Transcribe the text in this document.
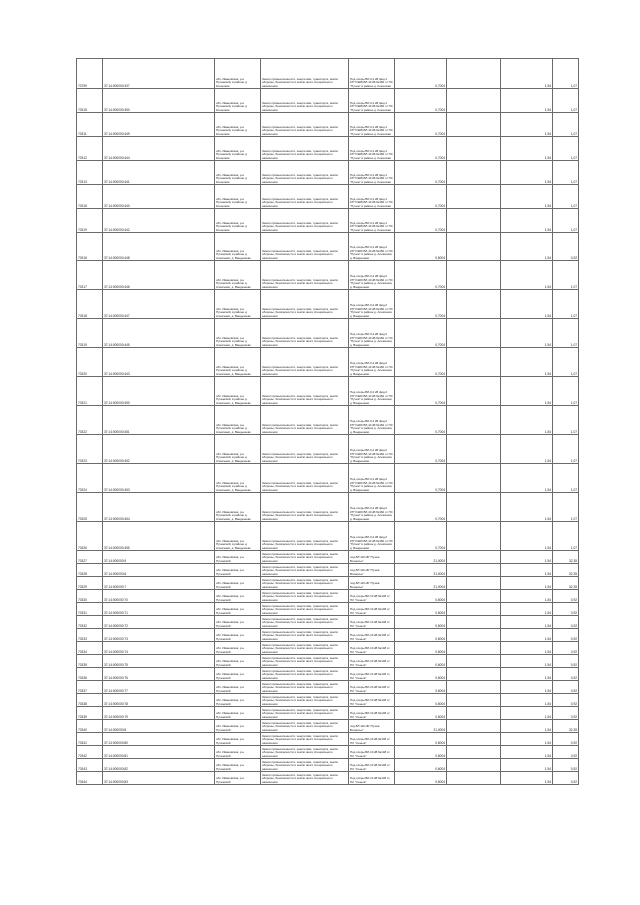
70799	37:14:000000:437	обл. Ивановская, р-н Пучежский, в районе д. Кошелево	Земли промышленности, энергетики, транспорта, земли обороны, безопасности и земли иного специального назначения	Под опоры ВЛ-0,4 кВ фид.1 КТП №68 ВЛ-10 кВ №160 от ПС "Пучеж" в районе д. Кошелево	0,7004		1,54	1,07
70315	37:14:000000:450	обл. Ивановская, р-н Пучежский, в районе д. Кошелево	Земли промышленности, энергетики, транспорта, земли обороны, безопасности и земли иного специального назначения	Под опоры ВЛ-0,4 кВ фид.1 КТП №68 ВЛ-10 кВ №160 от ПС "Пучеж" в районе д. Кошелево	0,7004		1,54	1,07
70311	37:14:000000:449	обл. Ивановская, р-н Пучежский, в районе д. Кошелево	Земли промышленности, энергетики, транспорта, земли обороны, безопасности и земли иного специального назначения	Под опоры ВЛ-0,4 кВ фид.1 КТП №68 ВЛ-10 кВ №160 от ПС "Пучеж" в районе д. Кошелево	0,7004		1,54	1,07
70312	37:14:000000:444	обл. Ивановская, р-н Пучежский, в районе д. Кошелево	Земли промышленности, энергетики, транспорта, земли обороны, безопасности и земли иного специального назначения	Под опоры ВЛ-0,4 кВ фид.1 КТП №68 ВЛ-10 кВ №160 от ПС "Пучеж" в районе д. Кошелево	0,7004		1,54	1,07
70313	37:14:000000:441	обл. Ивановская, р-н Пучежский, в районе д. Кошелево	Земли промышленности, энергетики, транспорта, земли обороны, безопасности и земли иного специального назначения	Под опоры ВЛ-0,4 кВ фид.1 КТП №68 ВЛ-10 кВ №160 от ПС "Пучеж" в районе д. Кошелево	0,7004		1,54	1,07
70316	37:14:000000:440	обл. Ивановская, р-н Пучежский, в районе д. Кошелево	Земли промышленности, энергетики, транспорта, земли обороны, безопасности и земли иного специального назначения	Под опоры ВЛ-0,4 кВ фид.1 КТП №68 ВЛ-10 кВ №160 от ПС "Пучеж" в районе д. Кошелево	0,7004		1,54	1,07
70319	37:14:000000:442	обл. Ивановская, р-н Пучежский, в районе д. Кошелево	Земли промышленности, энергетики, транспорта, земли обороны, безопасности и земли иного специального назначения	Под опоры ВЛ-0,4 кВ фид.1 КТП №68 ВЛ-10 кВ №160 от ПС "Пучеж" в районе д. Кошелево	0,7004		1,54	1,07
70316	37:14:000000:448	обл. Ивановская, р-н Пучежский, в районе д. Алексенки, д. Вандышево	Земли промышленности, энергетики, транспорта, земли обороны, безопасности и земли иного специального назначения	Под опоры ВЛ-0,4 кВ фид.2 КТП №60 ВЛ-10 кВ №160 от ПС "Пучеж" в районе д. Алексенки, д. Вандышево	0,6004		1,54	0,92
70317	37:14:000000:446	обл. Ивановская, р-н Пучежский, в районе д. Алексенки, д. Вандышево	Земли промышленности, энергетики, транспорта, земли обороны, безопасности и земли иного специального назначения	Под опоры ВЛ-0,4 кВ фид.2 КТП №60 ВЛ-10 кВ №160 от ПС "Пучеж" в районе д. Алексенки, д. Вандышево	0,7004		1,54	1,07
70318	37:14:000000:447	обл. Ивановская, р-н Пучежский, в районе д. Алексенки, д. Вандышево	Земли промышленности, энергетики, транспорта, земли обороны, безопасности и земли иного специального назначения	Под опоры ВЛ-0,4 кВ фид.2 КТП №60 ВЛ-10 кВ №160 от ПС "Пучеж" в районе д. Алексенки, д. Вандышево	0,7004		1,54	1,07
70319	37:14:000000:445	обл. Ивановская, р-н Пучежский, в районе д. Алексенки, д. Вандышево	Земли промышленности, энергетики, транспорта, земли обороны, безопасности и земли иного специального назначения	Под опоры ВЛ-0,4 кВ фид.2 КТП №60 ВЛ-10 кВ №160 от ПС "Пучеж" в районе д. Алексенки, д. Вандышево	0,7004		1,54	1,07
70320	37:14:000000:443	обл. Ивановская, р-н Пучежский, в районе д. Алексенки, д. Вандышево	Земли промышленности, энергетики, транспорта, земли обороны, безопасности и земли иного специального назначения	Под опоры ВЛ-0,4 кВ фид.2 КТП №60 ВЛ-10 кВ №160 от ПС "Пучеж" в районе д. Алексенки, д. Вандышево	0,7004		1,54	1,07
70321	37:14:000000:450	обл. Ивановская, р-н Пучежский, в районе д. Алексенки, д. Вандышево	Земли промышленности, энергетики, транспорта, земли обороны, безопасности и земли иного специального назначения	Под опоры ВЛ-0,4 кВ фид.2 КТП №60 ВЛ-10 кВ №160 от ПС "Пучеж" в районе д. Алексенки, д. Вандышево	0,7004		1,54	1,07
70322	37:14:000000:451	обл. Ивановская, р-н Пучежский, в районе д. Алексенки, д. Вандышево	Земли промышленности, энергетики, транспорта, земли обороны, безопасности и земли иного специального назначения	Под опоры ВЛ-0,4 кВ фид.2 КТП №60 ВЛ-10 кВ №160 от ПС "Пучеж" в районе д. Алексенки, д. Вандышево	0,7004		1,54	1,07
70323	37:14:000000:452	обл. Ивановская, р-н Пучежский, в районе д. Алексенки, д. Вандышево	Земли промышленности, энергетики, транспорта, земли обороны, безопасности и земли иного специального назначения	Под опоры ВЛ-0,4 кВ фид.2 КТП №60 ВЛ-10 кВ №160 от ПС "Пучеж" в районе д. Алексенки, д. Вандышево	0,7004		1,54	1,07
70324	37:14:000000:453	обл. Ивановская, р-н Пучежский, в районе д. Алексенки, д. Вандышево	Земли промышленности, энергетики, транспорта, земли обороны, безопасности и земли иного специального назначения	Под опоры ВЛ-0,4 кВ фид.2 КТП №60 ВЛ-10 кВ №160 от ПС "Пучеж" в районе д. Алексенки, д. Вандышево	0,7004		1,54	1,07
70325	37:14:000000:454	обл. Ивановская, р-н Пучежский, в районе д. Алексенки, д. Вандышево	Земли промышленности, энергетики, транспорта, земли обороны, безопасности и земли иного специального назначения	Под опоры ВЛ-0,4 кВ фид.2 КТП №60 ВЛ-10 кВ №160 от ПС "Пучеж" в районе д. Алексенки, д. Вандышево	0,7004		1,54	1,07
70326	37:14:000000:455	обл. Ивановская, р-н Пучежский, в районе д. Алексенки, д. Вандышево	Земли промышленности, энергетики, транспорта, земли обороны, безопасности и земли иного специального назначения	Под опоры ВЛ-0,4 кВ фид.2 КТП №60 ВЛ-10 кВ №160 от ПС "Пучеж" в районе д. Алексенки, д. Вандышево	0,7004		1,54	1,07
70327	37:14:000000:5	обл. Ивановская, р-н Пучежский	Земли промышленности, энергетики, транспорта, земли обороны, безопасности и земли иного специального назначения	под ВЛ 110 кВ "Пучеж-Вознесье"	21,0004		1,54	32,35
70328	37:14:000000:6	обл. Ивановская, р-н Пучежский	Земли промышленности, энергетики, транспорта, земли обороны, безопасности и земли иного специального назначения	под ВЛ 110 кВ "Пучеж-Вознесье"	21,0004		1,54	32,35
70329	37:14:000000:7	обл. Ивановская, р-н Пучежский	Земли промышленности, энергетики, транспорта, земли обороны, безопасности и земли иного специального назначения	под ВЛ 110 кВ "Пучеж-Вознесье"	21,0004		1,54	32,35
70330	37:14:000000:70	обл. Ивановская, р-н Пучежский	Земли промышленности, энергетики, транспорта, земли обороны, безопасности и земли иного специального назначения	Под опоры ВЛ-10 кВ №148 от ПС "Сеньга"	0,6004		1,54	0,92
70331	37:14:000000:71	обл. Ивановская, р-н Пучежский	Земли промышленности, энергетики, транспорта, земли обороны, безопасности и земли иного специального назначения	Под опоры ВЛ-10 кВ №148 от ПС "Сеньга"	0,6004		1,54	0,92
70332	37:14:000000:72	обл. Ивановская, р-н Пучежский	Земли промышленности, энергетики, транспорта, земли обороны, безопасности и земли иного специального назначения	Под опоры ВЛ-10 кВ №148 от ПС "Сеньга"	0,6004		1,54	0,92
70333	37:14:000000:73	обл. Ивановская, р-н Пучежский	Земли промышленности, энергетики, транспорта, земли обороны, безопасности и земли иного специального назначения	Под опоры ВЛ-10 кВ №148 от ПС "Сеньга"	0,6004		1,54	0,92
70334	37:14:000000:74	обл. Ивановская, р-н Пучежский	Земли промышленности, энергетики, транспорта, земли обороны, безопасности и земли иного специального назначения	Под опоры ВЛ-10 кВ №148 от ПС "Сеньга"	0,6004		1,54	0,92
70335	37:14:000000:75	обл. Ивановская, р-н Пучежский	Земли промышленности, энергетики, транспорта, земли обороны, безопасности и земли иного специального назначения	Под опоры ВЛ-10 кВ №148 от ПС "Сеньга"	0,6004		1,54	0,92
70336	37:14:000000:76	обл. Ивановская, р-н Пучежский	Земли промышленности, энергетики, транспорта, земли обороны, безопасности и земли иного специального назначения	Под опоры ВЛ-10 кВ №148 от ПС "Сеньга"	0,6004		1,54	0,92
70337	37:14:000000:77	обл. Ивановская, р-н Пучежский	Земли промышленности, энергетики, транспорта, земли обороны, безопасности и земли иного специального назначения	Под опоры ВЛ-10 кВ №148 от ПС "Сеньга"	0,6004		1,54	0,92
70338	37:14:000000:78	обл. Ивановская, р-н Пучежский	Земли промышленности, энергетики, транспорта, земли обороны, безопасности и земли иного специального назначения	Под опоры ВЛ-10 кВ №148 от ПС "Сеньга"	0,6004		1,54	0,92
70339	37:14:000000:79	обл. Ивановская, р-н Пучежский	Земли промышленности, энергетики, транспорта, земли обороны, безопасности и земли иного специального назначения	Под опоры ВЛ-10 кВ №148 от ПС "Сеньга"	0,6004		1,54	0,92
70340	37:14:000000:8	обл. Ивановская, р-н Пучежский	Земли промышленности, энергетики, транспорта, земли обороны, безопасности и земли иного специального назначения	под ВЛ 110 кВ "Пучеж-Вознесье"	21,0004		1,54	32,35
70341	37:14:000000:80	обл. Ивановская, р-н Пучежский	Земли промышленности, энергетики, транспорта, земли обороны, безопасности и земли иного специального назначения	Под опоры ВЛ-10 кВ №148 от ПС "Сеньга"	0,6004		1,54	0,92
70342	37:14:000000:81	обл. Ивановская, р-н Пучежский	Земли промышленности, энергетики, транспорта, земли обороны, безопасности и земли иного специального назначения	Под опоры ВЛ-10 кВ №148 от ПС "Сеньга"	0,6004		1,54	0,92
70343	37:14:000000:82	обл. Ивановская, р-н Пучежский	Земли промышленности, энергетики, транспорта, земли обороны, безопасности и земли иного специального назначения	Под опоры ВЛ-10 кВ №148 от ПС "Сеньга"	0,6004		1,54	0,92
70344	37:14:000000:83	обл. Ивановская, р-н Пучежский	Земли промышленности, энергетики, транспорта, земли обороны, безопасности и земли иного специального назначения	Под опоры ВЛ-10 кВ №148 от ПС "Сеньга"	0,6004		1,54	0,92
